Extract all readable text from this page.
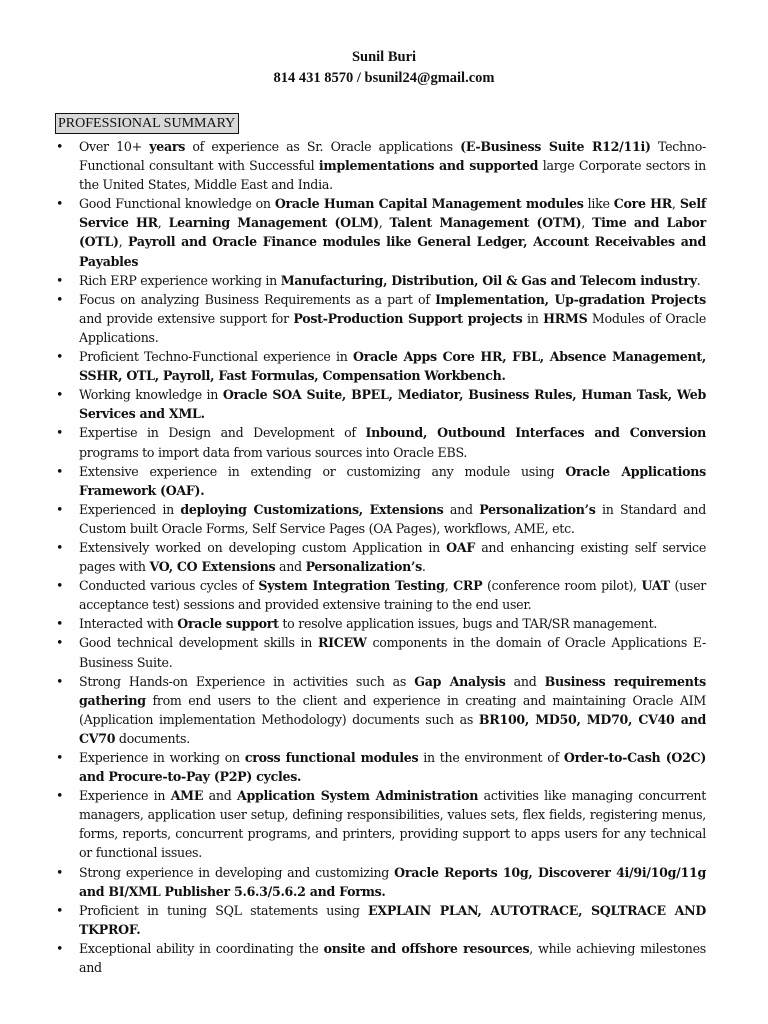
Sunil Buri
814 431 8570 / bsunil24@gmail.com
PROFESSIONAL SUMMARY
• Over 10+ years of experience as Sr. Oracle applications (E-Business Suite R12/11i) Techno-Functional consultant with Successful implementations and supported large Corporate sectors in the United States, Middle East and India.
• Good Functional knowledge on Oracle Human Capital Management modules like Core HR, Self Service HR, Learning Management (OLM), Talent Management (OTM), Time and Labor (OTL), Payroll and Oracle Finance modules like General Ledger, Account Receivables and Payables
• Rich ERP experience working in Manufacturing, Distribution, Oil & Gas and Telecom industry.
• Focus on analyzing Business Requirements as a part of Implementation, Up-gradation Projects and provide extensive support for Post-Production Support projects in HRMS Modules of Oracle Applications.
• Proficient Techno-Functional experience in Oracle Apps Core HR, FBL, Absence Management, SSHR, OTL, Payroll, Fast Formulas, Compensation Workbench.
• Working knowledge in Oracle SOA Suite, BPEL, Mediator, Business Rules, Human Task, Web Services and XML.
• Expertise in Design and Development of Inbound, Outbound Interfaces and Conversion programs to import data from various sources into Oracle EBS.
• Extensive experience in extending or customizing any module using Oracle Applications Framework (OAF).
• Experienced in deploying Customizations, Extensions and Personalization’s in Standard and Custom built Oracle Forms, Self Service Pages (OA Pages), workflows, AME, etc.
• Extensively worked on developing custom Application in OAF and enhancing existing self service pages with VO, CO Extensions and Personalization’s.
• Conducted various cycles of System Integration Testing, CRP (conference room pilot), UAT (user acceptance test) sessions and provided extensive training to the end user.
• Interacted with Oracle support to resolve application issues, bugs and TAR/SR management.
• Good technical development skills in RICEW components in the domain of Oracle Applications E-Business Suite.
• Strong Hands-on Experience in activities such as Gap Analysis and Business requirements gathering from end users to the client and experience in creating and maintaining Oracle AIM (Application implementation Methodology) documents such as BR100, MD50, MD70, CV40 and CV70 documents.
• Experience in working on cross functional modules in the environment of Order-to-Cash (O2C) and Procure-to-Pay (P2P) cycles.
• Experience in AME and Application System Administration activities like managing concurrent managers, application user setup, defining responsibilities, values sets, flex fields, registering menus, forms, reports, concurrent programs, and printers, providing support to apps users for any technical or functional issues.
• Strong experience in developing and customizing Oracle Reports 10g, Discoverer 4i/9i/10g/11g and BI/XML Publisher 5.6.3/5.6.2 and Forms.
• Proficient in tuning SQL statements using EXPLAIN PLAN, AUTOTRACE, SQLTRACE AND TKPROF.
• Exceptional ability in coordinating the onsite and offshore resources, while achieving milestones and
